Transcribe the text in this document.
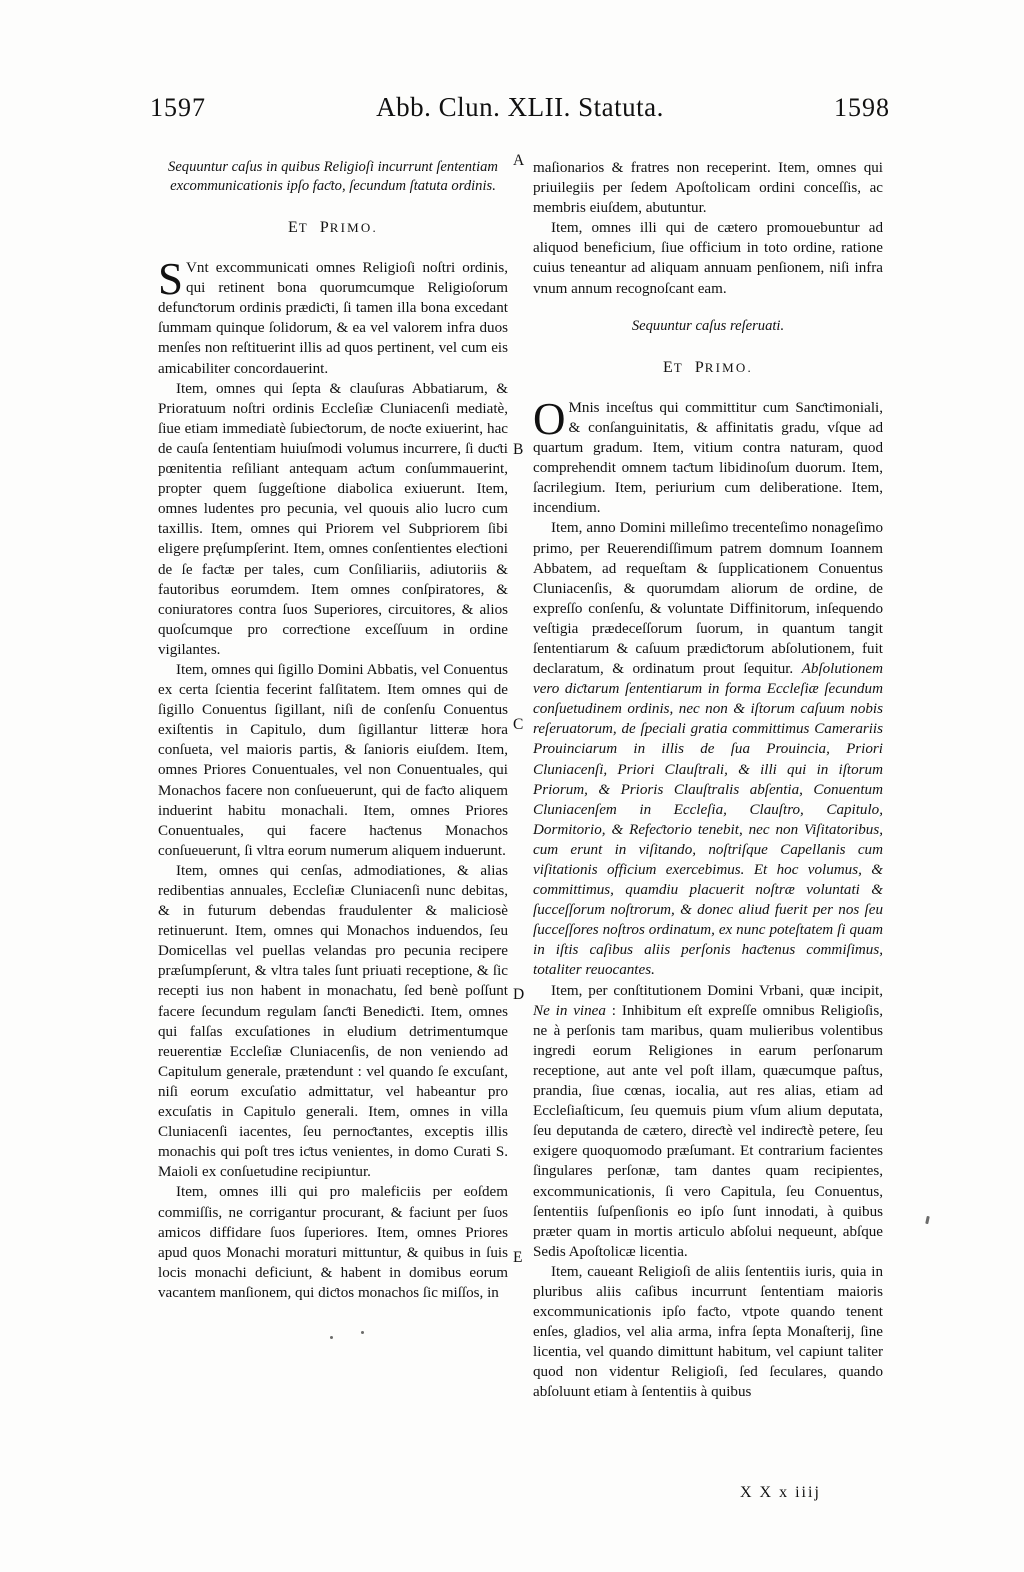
1597	Abb. Clun. XLII. Statuta.	1598
A
B
C
D
E
Sequuntur caſus in quibus Religioſi incurrunt ſententiam excommunicationis ipſo faƈto, ſecundum ſtatuta ordinis.
ET PRIMO.

S Vnt excommunicati omnes Religioſi noſtri ordinis, qui retinent bona quorumcumque Religioſorum defunƈtorum ordinis prædiƈti, ſi tamen illa bona excedant ſummam quinque ſolidorum, & ea vel valorem infra duos menſes non reſtituerint illis ad quos pertinent, vel cum eis amicabiliter concordauerint.

Item, omnes qui ſepta & clauſuras Abbatiarum, & Prioratuum noſtri ordinis Eccleſiæ Cluniacenſi mediatè, ſiue etiam immediatè ſubieƈtorum, de noƈte exiuerint, hac de cauſa ſententiam huiuſmodi volumus incurrere, ſi duƈti pœnitentia reſiliant antequam aƈtum conſummauerint, propter quem ſuggeſtione diabolica exiuerunt. Item, omnes ludentes pro pecunia, vel quouis alio lucro cum taxillis. Item, omnes qui Priorem vel Subpriorem ſibi eligere pręſumpſerint. Item, omnes conſentientes eleƈtioni de ſe faƈtæ per tales, cum Conſiliariis, adiutoriis & fautoribus eorumdem. Item omnes conſpiratores, & coniuratores contra ſuos Superiores, circuitores, & alios quoſcumque pro correƈtione exceſſuum in ordine vigilantes.

Item, omnes qui ſigillo Domini Abbatis, vel Conuentus ex certa ſcientia fecerint falſitatem. Item omnes qui de ſigillo Conuentus ſigillant, niſi de conſenſu Conuentus exiſtentis in Capitulo, dum ſigillantur litteræ hora conſueta, vel maioris partis, & ſanioris eiuſdem. Item, omnes Priores Conuentuales, vel non Conuentuales, qui Monachos facere non conſueuerunt, qui de faƈto aliquem induerint habitu monachali. Item, omnes Priores Conuentuales, qui facere haƈtenus Monachos conſueuerunt, ſi vltra eorum numerum aliquem induerunt.

Item, omnes qui cenſas, admodiationes, & alias redibentias annuales, Eccleſiæ Cluniacenſi nunc debitas, & in futurum debendas fraudulenter & maliciosè retinuerunt. Item, omnes qui Monachos induendos, ſeu Domicellas vel puellas velandas pro pecunia recipere præſumpſerunt, & vltra tales ſunt priuati receptione, & ſic recepti ius non habent in monachatu, ſed benè poſſunt facere ſecundum regulam ſanƈti Benediƈti. Item, omnes qui falſas excuſationes in eludium detrimentumque reuerentiæ Eccleſiæ Cluniacenſis, de non veniendo ad Capitulum generale, prætendunt : vel quando ſe excuſant, niſi eorum excuſatio admittatur, vel habeantur pro excuſatis in Capitulo generali. Item, omnes in villa Cluniacenſi iacentes, ſeu pernoƈtantes, exceptis illis monachis qui poſt tres iƈtus venientes, in domo Curati S. Maioli ex conſuetudine recipiuntur.

Item, omnes illi qui pro maleficiis per eoſdem commiſſis, ne corrigantur procurant, & faciunt per ſuos amicos diffidare ſuos ſuperiores. Item, omnes Priores apud quos Monachi moraturi mittuntur, & quibus in ſuis locis monachi deficiunt, & habent in domibus eorum vacantem manſionem, qui diƈtos monachos ſic miſſos, in

maſionarios & fratres non receperint. Item, omnes qui priuilegiis per ſedem Apoſtolicam ordini conceſſis, ac membris eiuſdem, abutuntur.

Item, omnes illi qui de cætero promouebuntur ad aliquod beneficium, ſiue officium in toto ordine, ratione cuius teneantur ad aliquam annuam penſionem, niſi infra vnum annum recognoſcant eam.

Sequuntur caſus reſeruati.
ET PRIMO.

O Mnis inceſtus qui committitur cum Sanƈtimoniali, & conſanguinitatis, & affinitatis gradu, vſque ad quartum gradum. Item, vitium contra naturam, quod comprehendit omnem taƈtum libidinoſum duorum. Item, ſacrilegium. Item, periurium cum deliberatione. Item, incendium.

Item, anno Domini milleſimo trecenteſimo nonageſimo primo, per Reuerendiſſimum patrem domnum Ioannem Abbatem, ad requeſtam & ſupplicationem Conuentus Cluniacenſis, & quorumdam aliorum de ordine, de expreſſo conſenſu, & voluntate Diffinitorum, inſequendo veſtigia prædeceſſorum ſuorum, in quantum tangit ſententiarum & caſuum prædiƈtorum abſolutionem, fuit declaratum, & ordinatum prout ſequitur. Abſolutionem vero diƈtarum ſententiarum in forma Eccleſiæ ſecundum conſuetudinem ordinis, nec non & iſtorum caſuum nobis reſeruatorum, de ſpeciali gratia committimus Camerariis Prouinciarum in illis de ſua Prouincia, Priori Cluniacenſi, Priori Clauſtrali, & illi qui in iſtorum Priorum, & Prioris Clauſtralis abſentia, Conuentum Cluniacenſem in Eccleſia, Clauſtro, Capitulo, Dormitorio, & Refeƈtorio tenebit, nec non Viſitatoribus, cum erunt in viſitando, noſtriſque Capellanis cum viſitationis officium exercebimus. Et hoc volumus, & committimus, quamdiu placuerit noſtræ voluntati & ſucceſſorum noſtrorum, & donec aliud fuerit per nos ſeu ſucceſſores noſtros ordinatum, ex nunc poteſtatem ſi quam in iſtis caſibus aliis perſonis haƈtenus commiſimus, totaliter reuocantes.

Item, per conſtitutionem Domini Vrbani, quæ incipit, Ne in vinea : Inhibitum eſt expreſſe omnibus Religioſis, ne à perſonis tam maribus, quam mulieribus volentibus ingredi eorum Religiones in earum perſonarum receptione, aut ante vel poſt illam, quæcumque paſtus, prandia, ſiue cœnas, iocalia, aut res alias, etiam ad Eccleſiaſticum, ſeu quemuis pium vſum alium deputata, ſeu deputanda de cætero, direƈtè vel indireƈtè petere, ſeu exigere quoquomodo præſumant. Et contrarium facientes ſingulares perſonæ, tam dantes quam recipientes, excommunicationis, ſi vero Capitula, ſeu Conuentus, ſententiis ſuſpenſionis eo ipſo ſunt innodati, à quibus præter quam in mortis articulo abſolui nequeunt, abſque Sedis Apoſtolicæ licentia.

Item, caueant Religioſi de aliis ſententiis iuris, quia in pluribus aliis caſibus incurrunt ſententiam maioris excommunicationis ipſo faƈto, vtpote quando tenent enſes, gladios, vel alia arma, infra ſepta Monaſterij, ſine licentia, vel quando dimittunt habitum, vel capiunt taliter quod non videntur Religioſi, ſed ſeculares, quando abſoluunt etiam à ſententiis à quibus

X X x iiij
